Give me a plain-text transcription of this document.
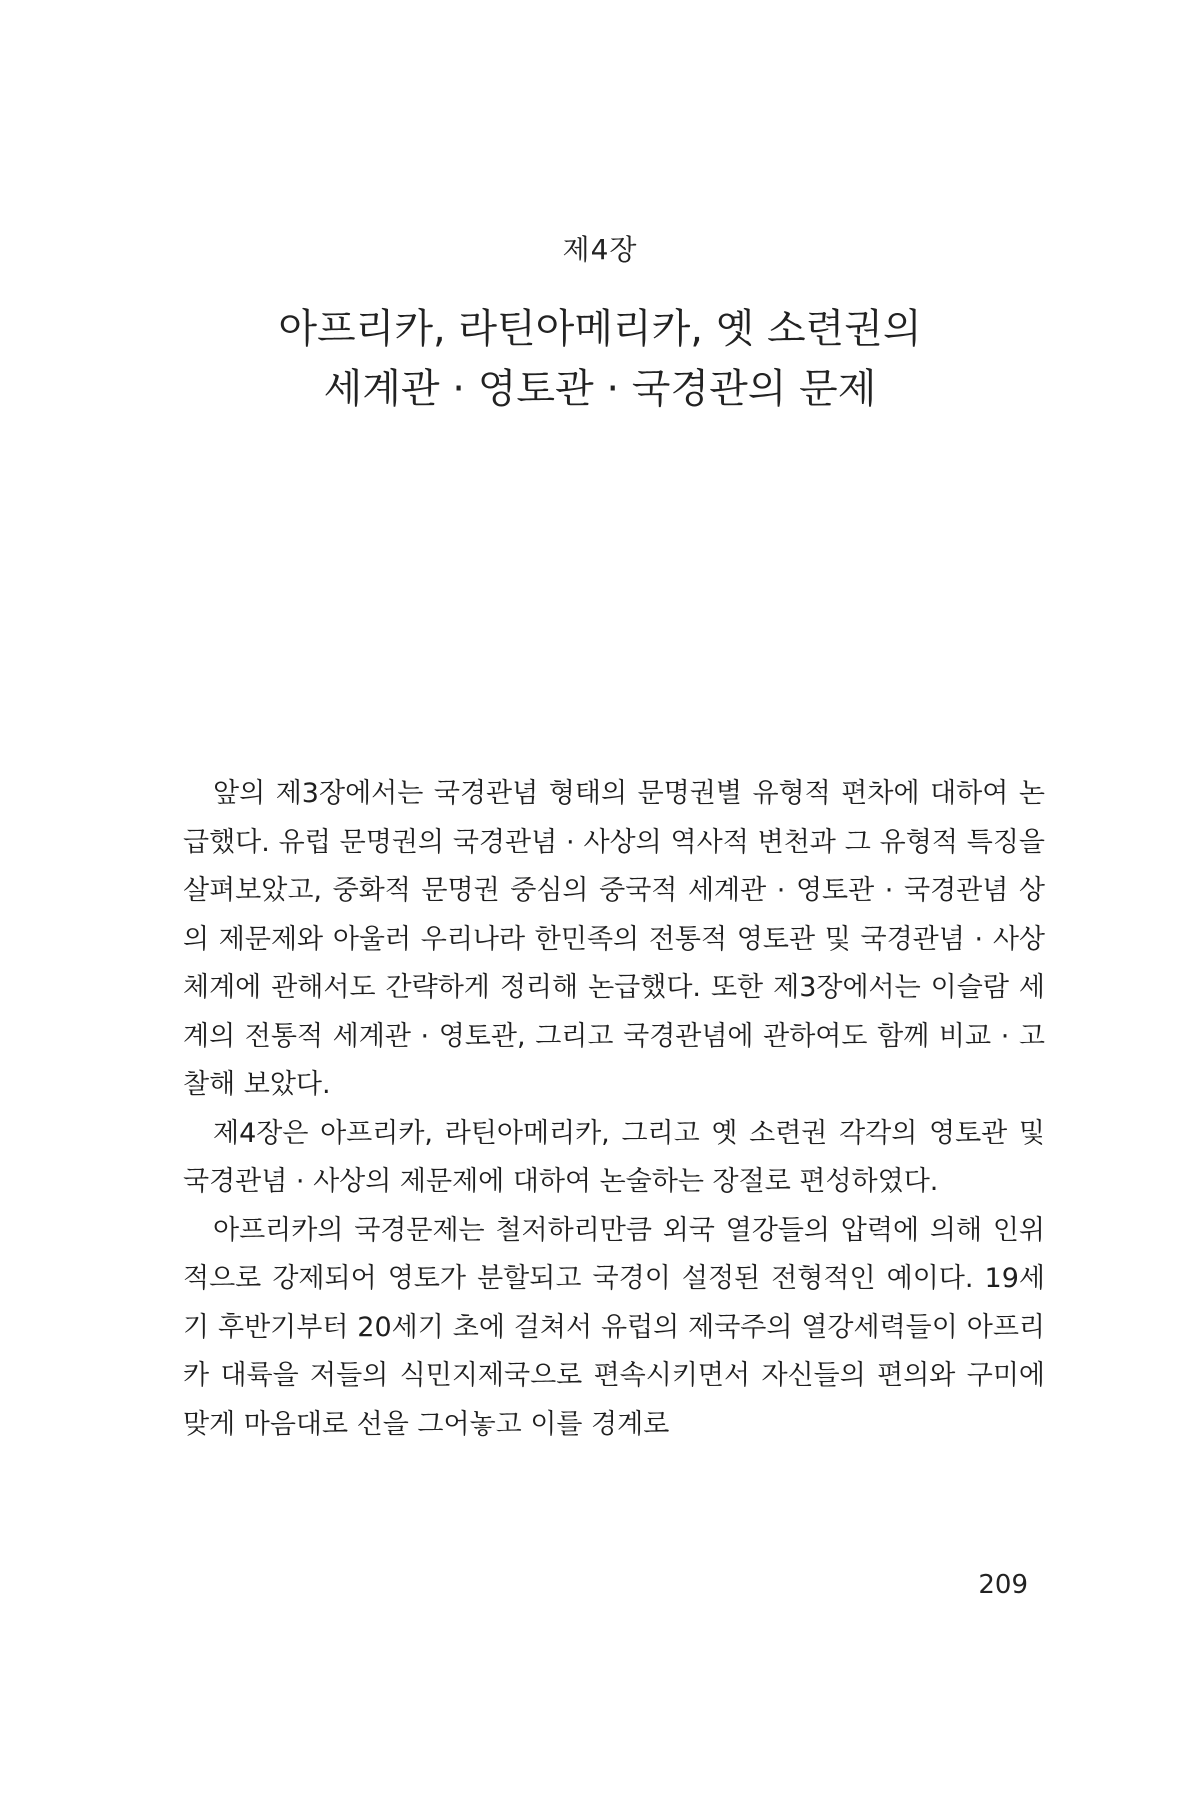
제4장
아프리카, 라틴아메리카, 옛 소련권의
세계관 · 영토관 · 국경관의 문제

앞의 제3장에서는 국경관념 형태의 문명권별 유형적 편차에 대하여 논급했다. 유럽 문명권의 국경관념 · 사상의 역사적 변천과 그 유형적 특징을 살펴보았고, 중화적 문명권 중심의 중국적 세계관 · 영토관 · 국경관념 상의 제문제와 아울러 우리나라 한민족의 전통적 영토관 및 국경관념 · 사상체계에 관해서도 간략하게 정리해 논급했다. 또한 제3장에서는 이슬람 세계의 전통적 세계관 · 영토관, 그리고 국경관념에 관하여도 함께 비교 · 고찰해 보았다.

제4장은 아프리카, 라틴아메리카, 그리고 옛 소련권 각각의 영토관 및 국경관념 · 사상의 제문제에 대하여 논술하는 장절로 편성하였다.

아프리카의 국경문제는 철저하리만큼 외국 열강들의 압력에 의해 인위적으로 강제되어 영토가 분할되고 국경이 설정된 전형적인 예이다. 19세기 후반기부터 20세기 초에 걸쳐서 유럽의 제국주의 열강세력들이 아프리카 대륙을 저들의 식민지제국으로 편속시키면서 자신들의 편의와 구미에 맞게 마음대로 선을 그어놓고 이를 경계로

209
